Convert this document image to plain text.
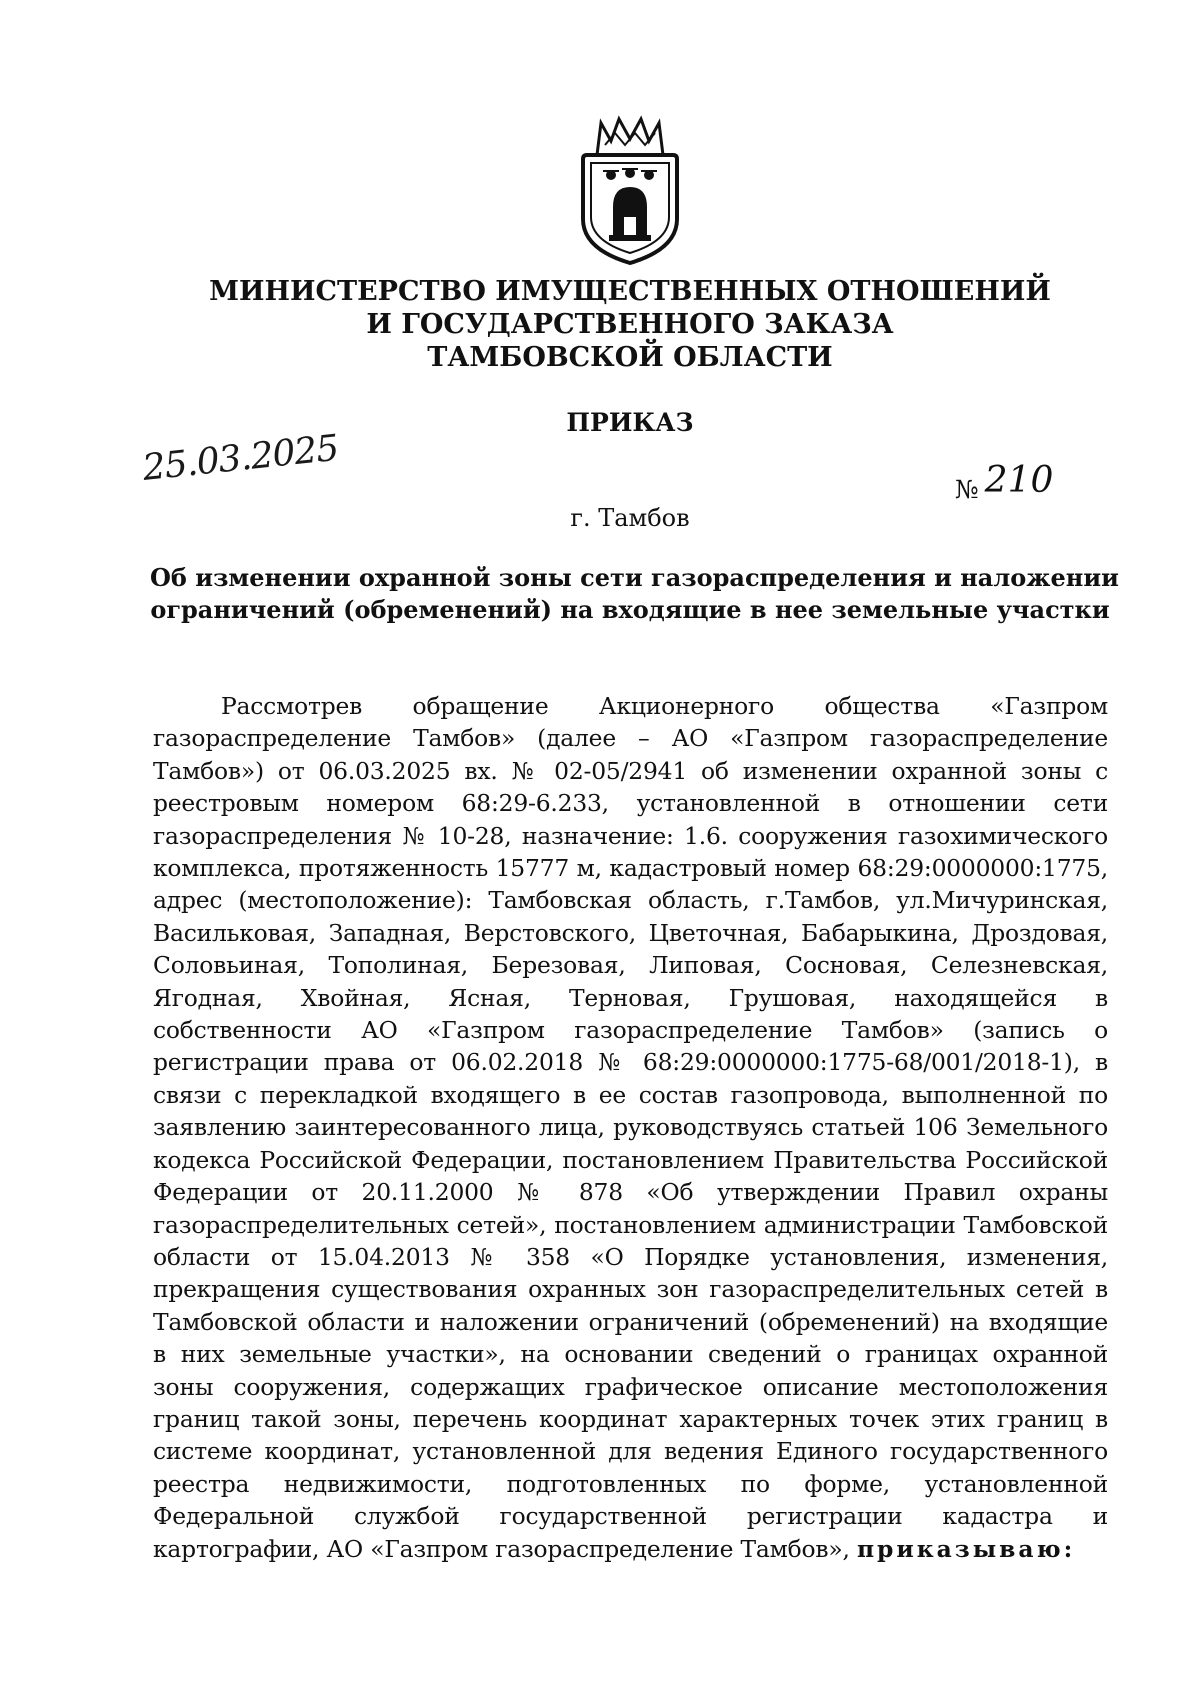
МИНИСТЕРСТВО ИМУЩЕСТВЕННЫХ ОТНОШЕНИЙ
И ГОСУДАРСТВЕННОГО ЗАКАЗА
ТАМБОВСКОЙ ОБЛАСТИ
ПРИКАЗ
25.03.2025
№ 210
г. Тамбов
Об изменении охранной зоны сети газораспределения и наложении
ограничений (обременений) на входящие в нее земельные участки
Рассмотрев обращение Акционерного общества «Газпром газораспределение Тамбов» (далее – АО «Газпром газораспределение Тамбов») от 06.03.2025 вх. № 02-05/2941 об изменении охранной зоны с реестровым номером 68:29-6.233, установленной в отношении сети газораспределения № 10-28, назначение: 1.6. сооружения газохимического комплекса, протяженность 15777 м, кадастровый номер 68:29:0000000:1775, адрес (местоположение): Тамбовская область, г.Тамбов, ул.Мичуринская, Васильковая, Западная, Верстовского, Цветочная, Бабарыкина, Дроздовая, Соловьиная, Тополиная, Березовая, Липовая, Сосновая, Селезневская, Ягодная, Хвойная, Ясная, Терновая, Грушовая, находящейся в собственности АО «Газпром газораспределение Тамбов» (запись о регистрации права от 06.02.2018 № 68:29:0000000:1775-68/001/2018-1), в связи с перекладкой входящего в ее состав газопровода, выполненной по заявлению заинтересованного лица, руководствуясь статьей 106 Земельного кодекса Российской Федерации, постановлением Правительства Российской Федерации от 20.11.2000 № 878 «Об утверждении Правил охраны газораспределительных сетей», постановлением администрации Тамбовской области от 15.04.2013 № 358 «О Порядке установления, изменения, прекращения существования охранных зон газораспределительных сетей в Тамбовской области и наложении ограничений (обременений) на входящие в них земельные участки», на основании сведений о границах охранной зоны сооружения, содержащих графическое описание местоположения границ такой зоны, перечень координат характерных точек этих границ в системе координат, установленной для ведения Единого государственного реестра недвижимости, подготовленных по форме, установленной Федеральной службой государственной регистрации кадастра и картографии, АО «Газпром газораспределение Тамбов», приказываю:
